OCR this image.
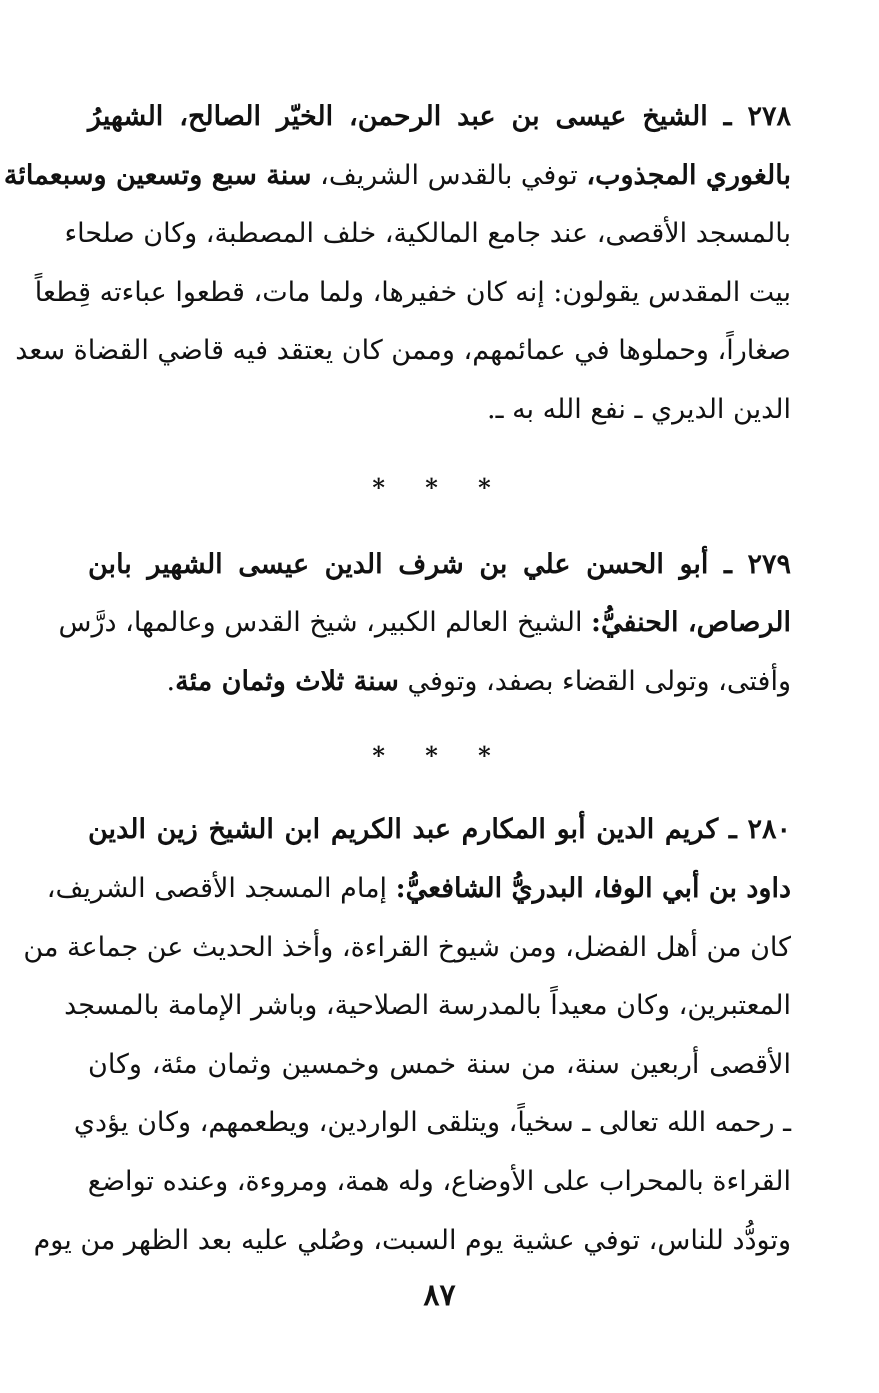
٢٧٨ ـ الشيخ عيسى بن عبد الرحمن، الخيّر الصالح، الشهيرُ
بالغوري المجذوب، توفي بالقدس الشريف، سنة سبع وتسعين وسبعمائة
بالمسجد الأقصى، عند جامع المالكية، خلف المصطبة، وكان صلحاء
بيت المقدس يقولون: إنه كان خفيرها، ولما مات، قطعوا عباءته قِطعاً
صغاراً، وحملوها في عمائمهم، وممن كان يعتقد فيه قاضي القضاة سعد
الدين الديري ـ نفع الله به ـ.
* * *
٢٧٩ ـ أبو الحسن علي بن شرف الدين عيسى الشهير بابن
الرصاص، الحنفيُّ: الشيخ العالم الكبير، شيخ القدس وعالمها، درَّس
وأفتى، وتولى القضاء بصفد، وتوفي سنة ثلاث وثمان مئة.
* * *
٢٨٠ ـ كريم الدين أبو المكارم عبد الكريم ابن الشيخ زين الدين
داود بن أبي الوفا، البدريُّ الشافعيُّ: إمام المسجد الأقصى الشريف،
كان من أهل الفضل، ومن شيوخ القراءة، وأخذ الحديث عن جماعة من
المعتبرين، وكان معيداً بالمدرسة الصلاحية، وباشر الإمامة بالمسجد
الأقصى أربعين سنة، من سنة خمس وخمسين وثمان مئة، وكان
ـ رحمه الله تعالى ـ سخياً، ويتلقى الواردين، ويطعمهم، وكان يؤدي
القراءة بالمحراب على الأوضاع، وله همة، ومروءة، وعنده تواضع
وتودُّد للناس، توفي عشية يوم السبت، وصُلي عليه بعد الظهر من يوم
٨٧
